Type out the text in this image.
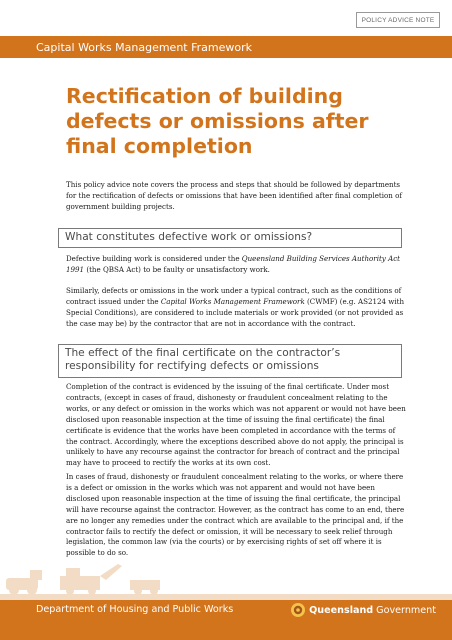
POLICY ADVICE NOTE
Capital Works Management Framework
Rectification of building defects or omissions after final completion

This policy advice note covers the process and steps that should be followed by departments for the rectification of defects or omissions that have been identified after final completion of government building projects.

What constitutes defective work or omissions?

Defective building work is considered under the Queensland Building Services Authority Act 1991 (the QBSA Act) to be faulty or unsatisfactory work.

Similarly, defects or omissions in the work under a typical contract, such as the conditions of contract issued under the Capital Works Management Framework (CWMF) (e.g. AS2124 with Special Conditions), are considered to include materials or work provided (or not provided as the case may be) by the contractor that are not in accordance with the contract.

The effect of the final certificate on the contractor’s responsibility for rectifying defects or omissions

Completion of the contract is evidenced by the issuing of the final certificate. Under most contracts, (except in cases of fraud, dishonesty or fraudulent concealment relating to the works, or any defect or omission in the works which was not apparent or would not have been disclosed upon reasonable inspection at the time of issuing the final certificate) the final certificate is evidence that the works have been completed in accordance with the terms of the contract. Accordingly, where the exceptions described above do not apply, the principal is unlikely to have any recourse against the contractor for breach of contract and the principal may have to proceed to rectify the works at its own cost.

In cases of fraud, dishonesty or fraudulent concealment relating to the works, or where there is a defect or omission in the works which was not apparent and would not have been disclosed upon reasonable inspection at the time of issuing the final certificate, the principal will have recourse against the contractor. However, as the contract has come to an end, there are no longer any remedies under the contract which are available to the principal and, if the contractor fails to rectify the defect or omission, it will be necessary to seek relief through legislation, the common law (via the courts) or by exercising rights of set off where it is possible to do so.

Department of Housing and Public Works	Queensland Government
